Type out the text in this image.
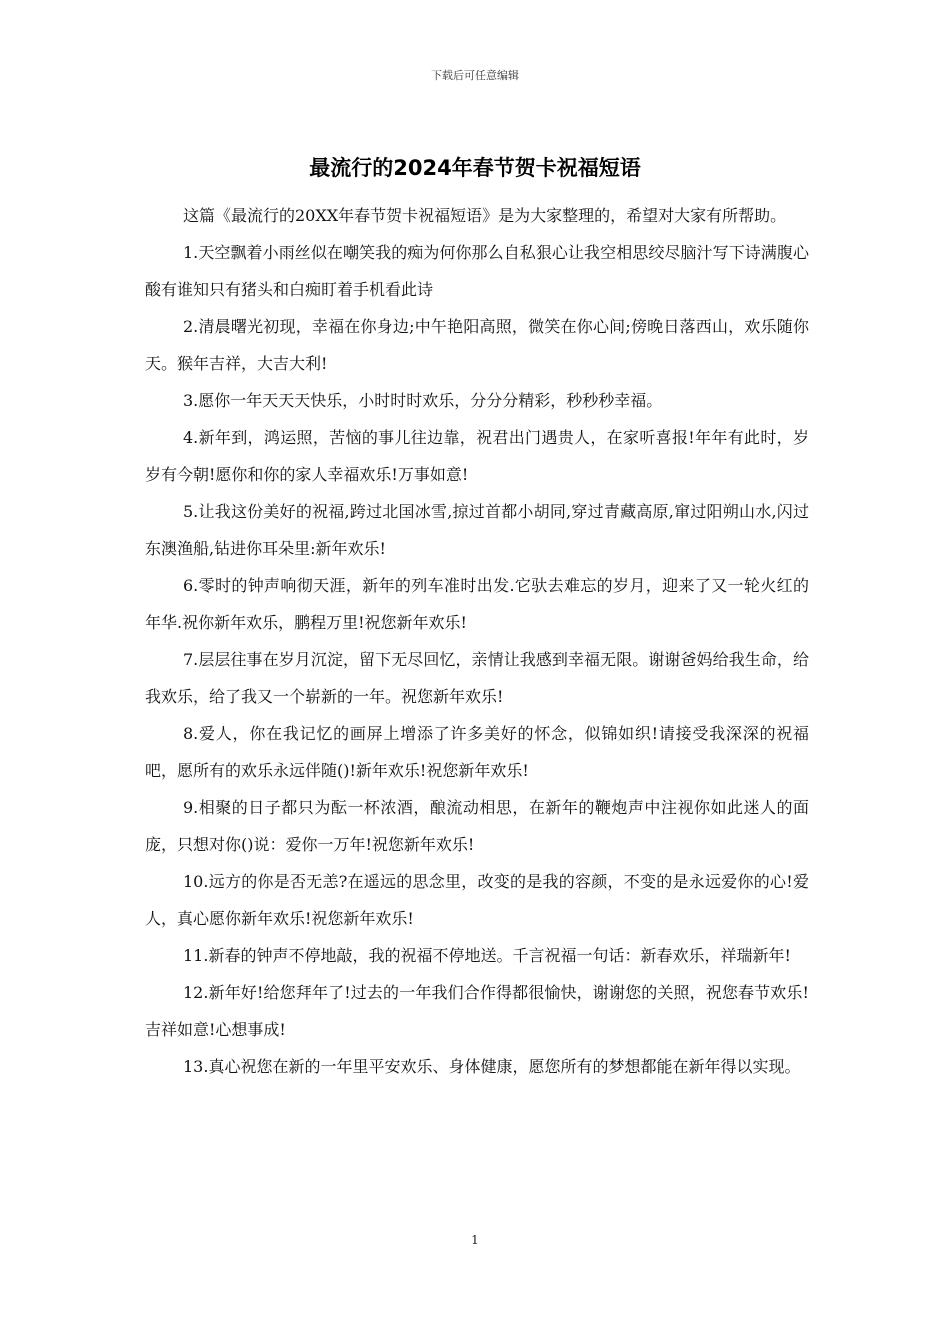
下载后可任意编辑
最流行的2024年春节贺卡祝福短语

这篇《最流行的20XX年春节贺卡祝福短语》是为大家整理的，希望对大家有所帮助。

1.天空飘着小雨丝似在嘲笑我的痴为何你那么自私狠心让我空相思绞尽脑汁写下诗满腹心酸有谁知只有猪头和白痴盯着手机看此诗

2.清晨曙光初现，幸福在你身边;中午艳阳高照，微笑在你心间;傍晚日落西山，欢乐随你天。猴年吉祥，大吉大利!

3.愿你一年天天天快乐，小时时时欢乐，分分分精彩，秒秒秒幸福。

4.新年到，鸿运照，苦恼的事儿往边靠，祝君出门遇贵人，在家听喜报!年年有此时，岁岁有今朝!愿你和你的家人幸福欢乐!万事如意!

5.让我这份美好的祝福,跨过北国冰雪,掠过首都小胡同,穿过青藏高原,窜过阳朔山水,闪过东澳渔船,钻进你耳朵里:新年欢乐!

6.零时的钟声响彻天涯，新年的列车准时出发.它驮去难忘的岁月，迎来了又一轮火红的年华.祝你新年欢乐，鹏程万里!祝您新年欢乐!

7.层层往事在岁月沉淀，留下无尽回忆，亲情让我感到幸福无限。谢谢爸妈给我生命，给我欢乐，给了我又一个崭新的一年。祝您新年欢乐!

8.爱人，你在我记忆的画屏上增添了许多美好的怀念，似锦如织!请接受我深深的祝福吧，愿所有的欢乐永远伴随()!新年欢乐!祝您新年欢乐!

9.相聚的日子都只为酝一杯浓酒，酿流动相思，在新年的鞭炮声中注视你如此迷人的面庞，只想对你()说：爱你一万年!祝您新年欢乐!

10.远方的你是否无恙?在遥远的思念里，改变的是我的容颜，不变的是永远爱你的心!爱人，真心愿你新年欢乐!祝您新年欢乐!

11.新春的钟声不停地敲，我的祝福不停地送。千言祝福一句话：新春欢乐，祥瑞新年!

12.新年好!给您拜年了!过去的一年我们合作得都很愉快，谢谢您的关照，祝您春节欢乐!吉祥如意!心想事成!

13.真心祝您在新的一年里平安欢乐、身体健康，愿您所有的梦想都能在新年得以实现。

1
